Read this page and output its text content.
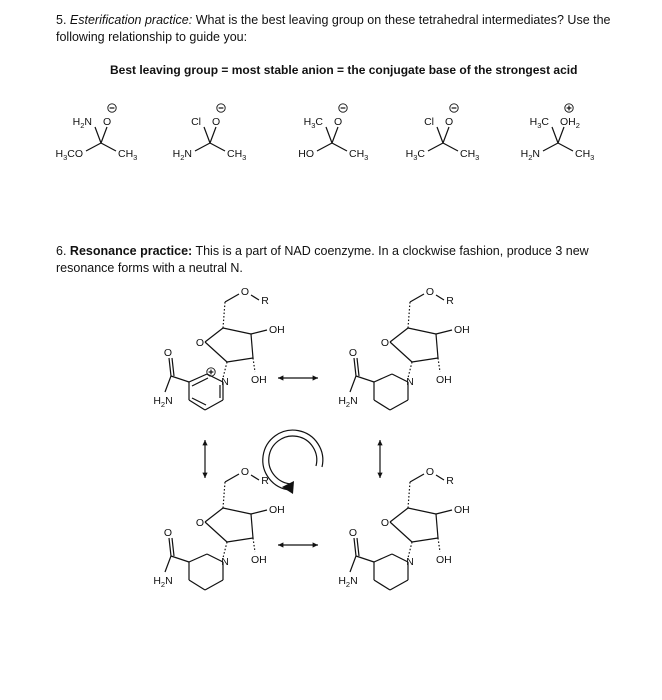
5. Esterification practice: What is the best leaving group on these tetrahedral intermediates? Use the following relationship to guide you:
Best leaving group = most stable anion = the conjugate base of the strongest acid
6. Resonance practice: This is a part of NAD coenzyme. In a clockwise fashion, produce 3 new resonance forms with a neutral N.
$H_2N$ O
$H_3CO$	$CH_3$
Cl O
$H_2N$	$CH_3$
$H_3C$ O
HO	$CH_3$
Cl O
$H_3C$	$CH_3$
$H_3C$ $OH_2$
$H_2N$	$CH_3$
O
O
R
OH
OH
N
O
$H_2N$
O
O
R
OH
OH
N
O
$H_2N$
O
O
R
OH
OH
N
O
$H_2N$
O
O
R
OH
OH
N
O
$H_2N$
